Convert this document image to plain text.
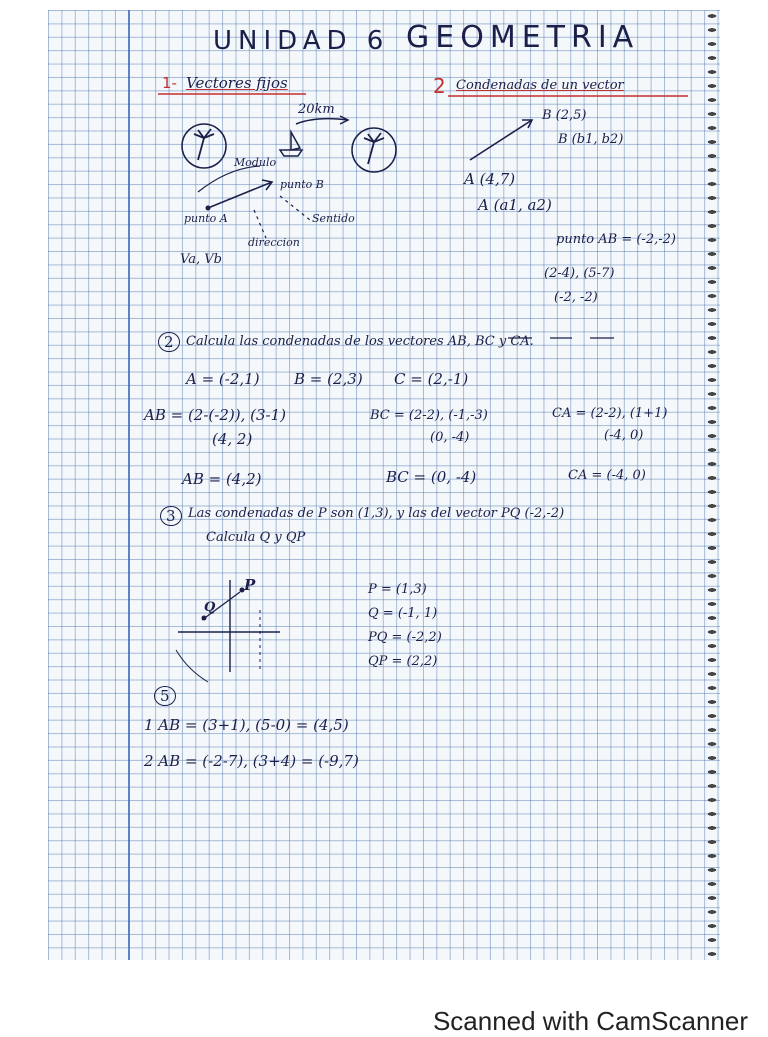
UNIDAD 6 GEOMETRIA

1- Vectores fijos

20km

Modulo

punto B

punto A	Sentido

direccion

Va, Vb

2 Condenadas de un vector

B (2,5)

B (b1, b2)

A (4,7)

A (a1, a2)

punto AB = (-2,-2)

(2-4), (5-7)

(-2, -2)

2 Calcula las condenadas de los vectores AB, BC y CA.

A = (-2,1) B = (2,3) C = (2,-1)

AB = (2-(-2)), (3-1)

(4, 2)

BC = (2-2), (-1,-3)

(0, -4)

CA = (2-2), (1+1)

(-4, 0)

AB = (4,2)	BC = (0, -4)	CA = (-4, 0)

3 Las condenadas de P son (1,3), y las del vector PQ (-2,-2)

Calcula Q y QP

P

Q

P = (1,3)

Q = (-1, 1)

PQ = (-2,2)

QP = (2,2)

5

1 AB = (3+1), (5-0) = (4,5)

2 AB = (-2-7), (3+4) = (-9,7)

Scanned with CamScanner
